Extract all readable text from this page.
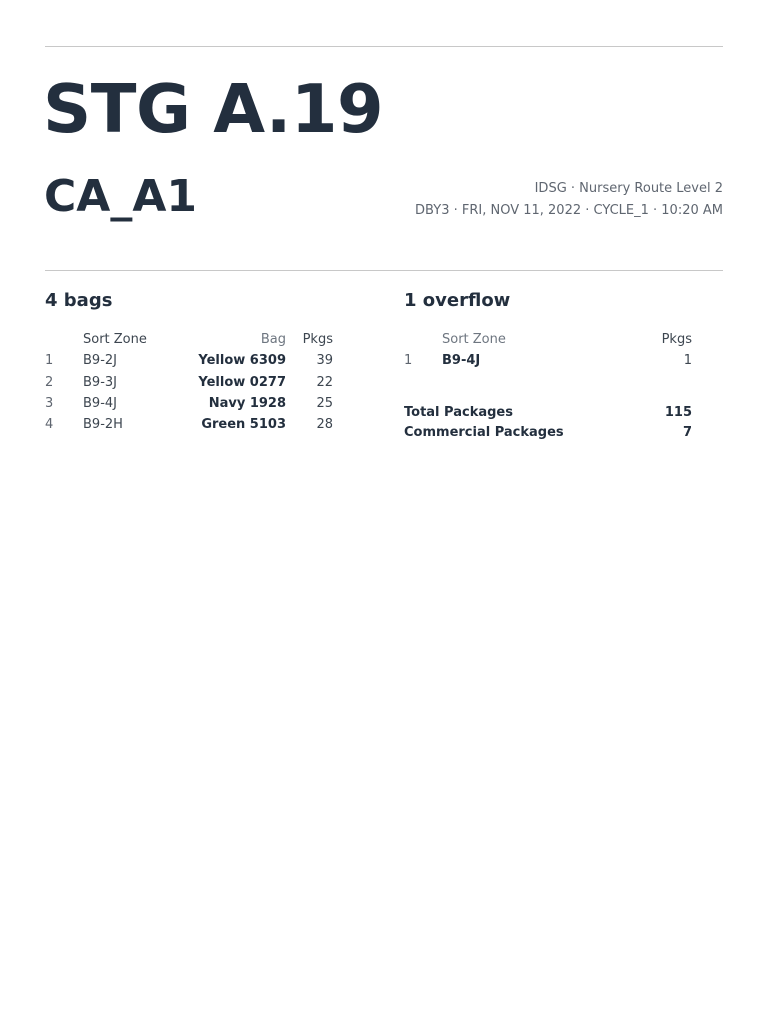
STG A.19
CA_A1	IDSG · Nursery Route Level 2
DBY3 · FRI, NOV 11, 2022 · CYCLE_1 · 10:20 AM
4 bags
	Sort Zone	Bag	Pkgs
1	B9-2J	Yellow 6309	39
2	B9-3J	Yellow 0277	22
3	B9-4J	Navy 1928	25
4	B9-2H	Green 5103	28
1 overflow
	Sort Zone	Pkgs
1	B9-4J	1
Total Packages	115
Commercial Packages	7
